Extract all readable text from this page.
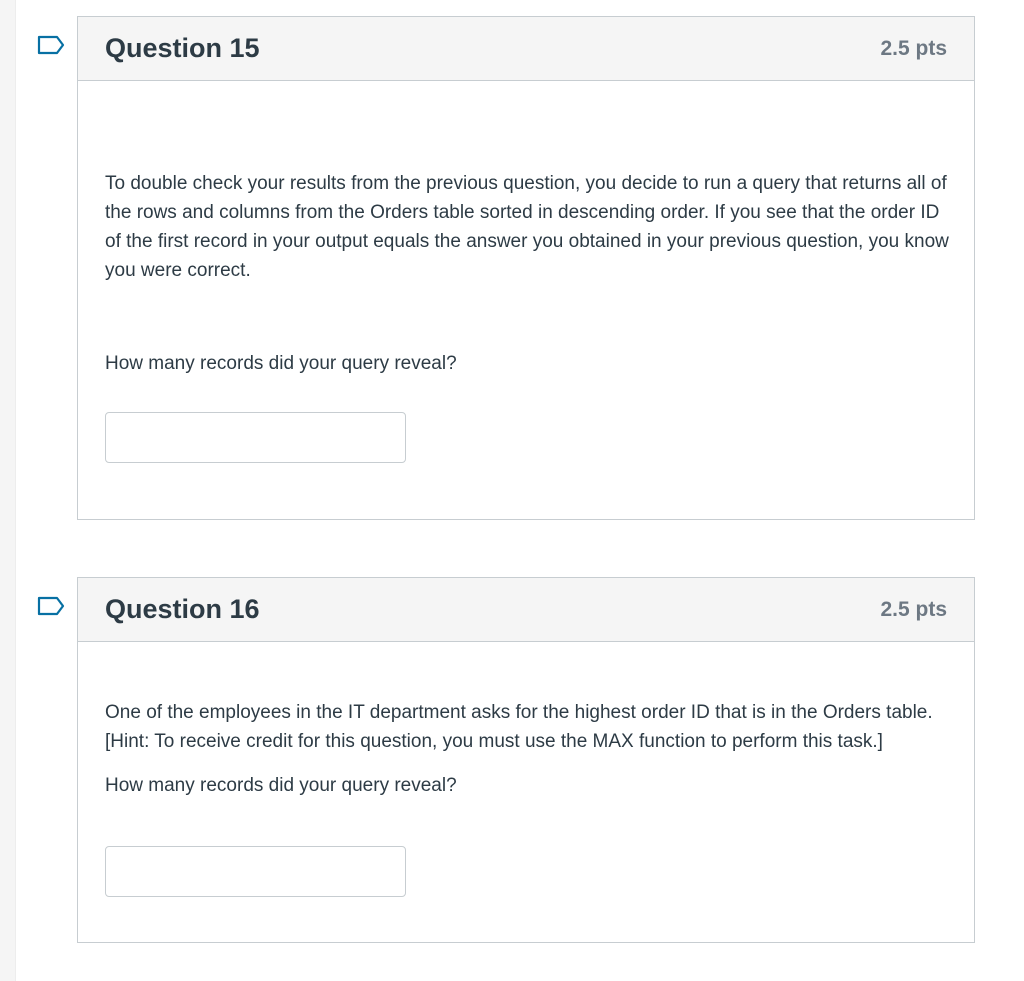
Question 15	2.5 pts
To double check your results from the previous question, you decide to run a query that returns all of the rows and columns from the Orders table sorted in descending order. If you see that the order ID of the first record in your output equals the answer you obtained in your previous question, you know you were correct.
How many records did your query reveal?
Question 16	2.5 pts
One of the employees in the IT department asks for the highest order ID that is in the Orders table. [Hint: To receive credit for this question, you must use the MAX function to perform this task.]
How many records did your query reveal?
